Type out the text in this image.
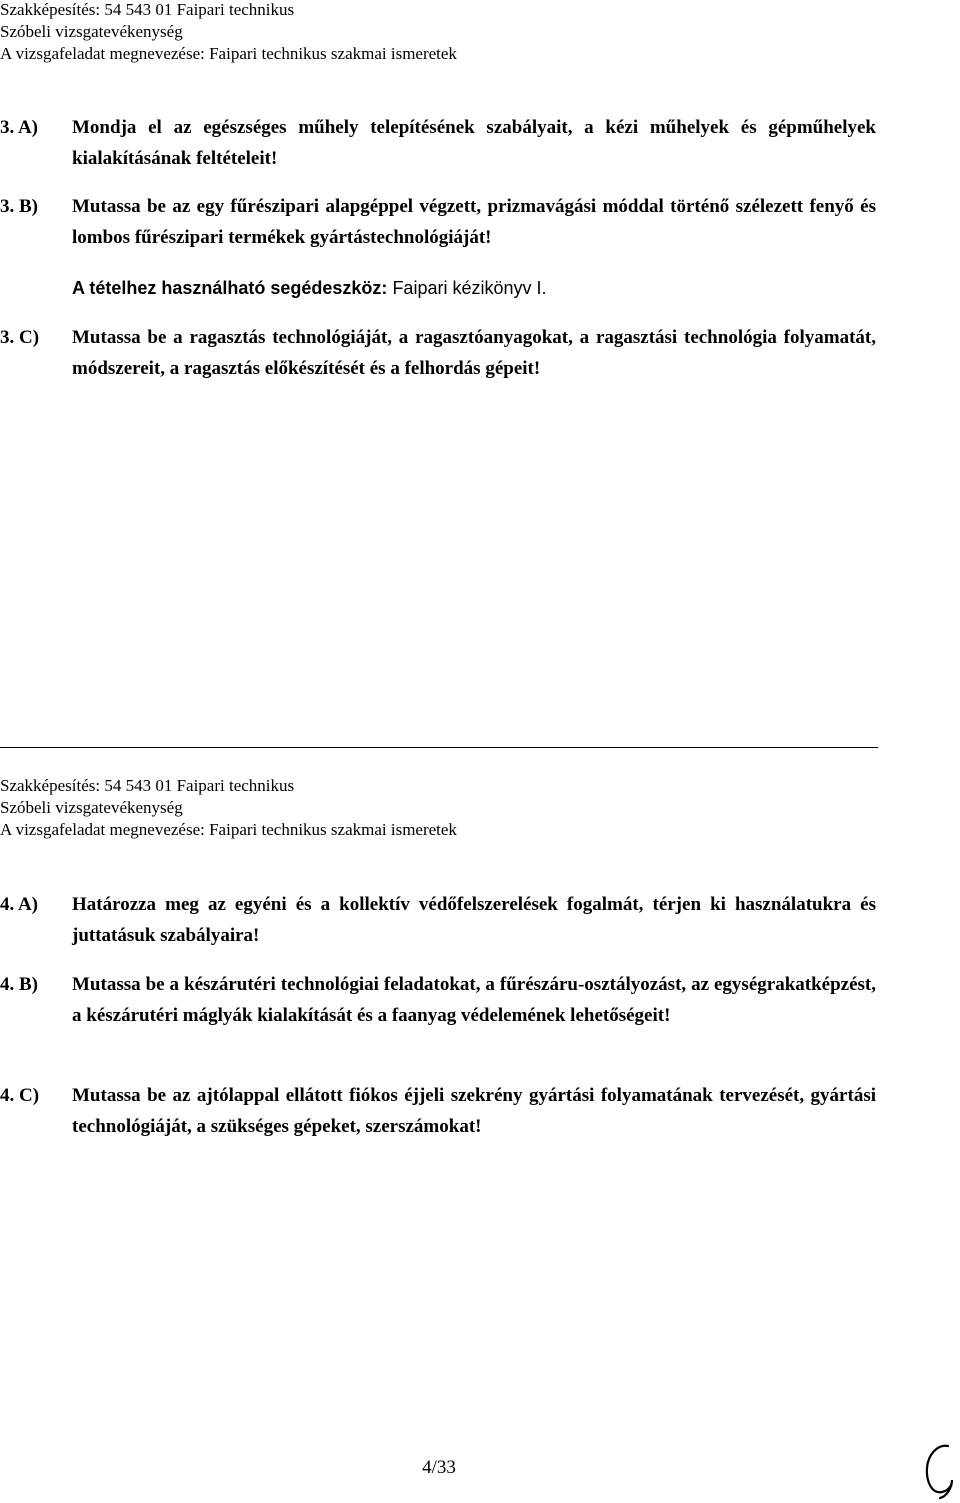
Szakképesítés: 54 543 01 Faipari technikus
Szóbeli vizsgatevékenység
A vizsgafeladat megnevezése: Faipari technikus szakmai ismeretek
3. A) Mondja el az egészséges műhely telepítésének szabályait, a kézi műhelyek és gépműhelyek kialakításának feltételeit!
3. B) Mutassa be az egy fűrészipari alapgéppel végzett, prizmavágási móddal történő szélezett fenyő és lombos fűrészipari termékek gyártástechnológiáját!
A tételhez használható segédeszköz: Faipari kézikönyv I.
3. C) Mutassa be a ragasztás technológiáját, a ragasztóanyagokat, a ragasztási technológia folyamatát, módszereit, a ragasztás előkészítését és a felhordás gépeit!
Szakképesítés: 54 543 01 Faipari technikus
Szóbeli vizsgatevékenység
A vizsgafeladat megnevezése: Faipari technikus szakmai ismeretek
4. A) Határozza meg az egyéni és a kollektív védőfelszerelések fogalmát, térjen ki használatukra és juttatásuk szabályaira!
4. B) Mutassa be a készárutéri technológiai feladatokat, a fűrészáru-osztályozást, az egységrakatképzést, a készárutéri máglyák kialakítását és a faanyag védelemének lehetőségeit!
4. C) Mutassa be az ajtólappal ellátott fiókos éjjeli szekrény gyártási folyamatának tervezését, gyártási technológiáját, a szükséges gépeket, szerszámokat!
4/33
